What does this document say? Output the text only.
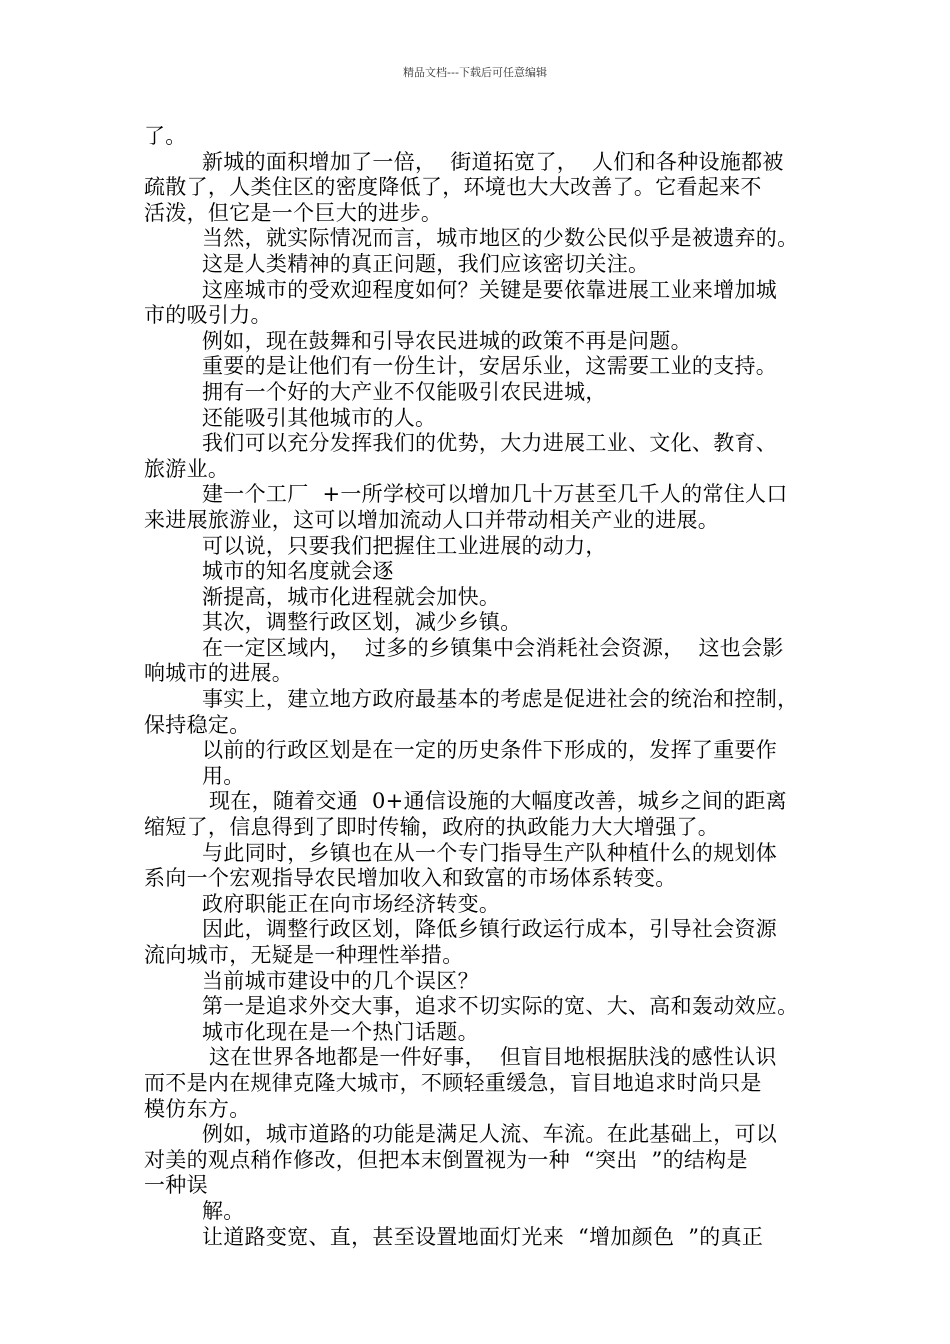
精品文档---下载后可任意编辑
了。
新城的面积增加了一倍，  街道拓宽了，  人们和各种设施都被
疏散了，人类住区的密度降低了，环境也大大改善了。它看起来不
活泼，但它是一个巨大的进步。
当然，就实际情况而言，城市地区的少数公民似乎是被遗弃的。
这是人类精神的真正问题，我们应该密切关注。
这座城市的受欢迎程度如何？关键是要依靠进展工业来增加城
市的吸引力。
例如，现在鼓舞和引导农民进城的政策不再是问题。
重要的是让他们有一份生计，安居乐业，这需要工业的支持。
拥有一个好的大产业不仅能吸引农民进城，
还能吸引其他城市的人。
我们可以充分发挥我们的优势，大力进展工业、文化、教育、
旅游业。
建一个工厂  +一所学校可以增加几十万甚至几千人的常住人口
来进展旅游业，这可以增加流动人口并带动相关产业的进展。
可以说，只要我们把握住工业进展的动力，
城市的知名度就会逐
渐提高，城市化进程就会加快。
其次，调整行政区划，减少乡镇。
在一定区域内，  过多的乡镇集中会消耗社会资源，  这也会影
响城市的进展。
事实上，建立地方政府最基本的考虑是促进社会的统治和控制，
保持稳定。
以前的行政区划是在一定的历史条件下形成的，发挥了重要作
用。
现在，随着交通  0+通信设施的大幅度改善，城乡之间的距离
缩短了，信息得到了即时传输，政府的执政能力大大增强了。
与此同时，乡镇也在从一个专门指导生产队种植什么的规划体
系向一个宏观指导农民增加收入和致富的市场体系转变。
政府职能正在向市场经济转变。
因此，调整行政区划，降低乡镇行政运行成本，引导社会资源
流向城市，无疑是一种理性举措。
当前城市建设中的几个误区？
第一是追求外交大事，追求不切实际的宽、大、高和轰动效应。
城市化现在是一个热门话题。
这在世界各地都是一件好事，  但盲目地根据肤浅的感性认识
而不是内在规律克隆大城市，不顾轻重缓急，盲目地追求时尚只是
模仿东方。
例如，城市道路的功能是满足人流、车流。在此基础上，可以
对美的观点稍作修改，但把本末倒置视为一种  “突出  ”的结构是
一种误
解。
让道路变宽、直，甚至设置地面灯光来  “增加颜色  ”的真正
